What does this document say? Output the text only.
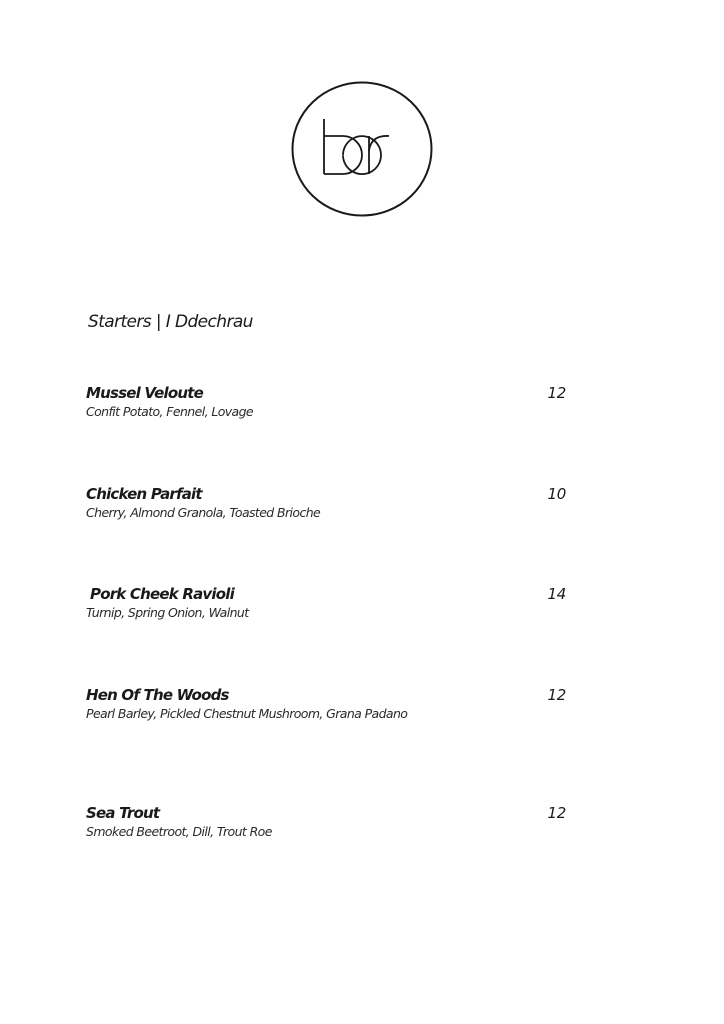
Starters | I Ddechrau
Mussel Veloute	12
Confit Potato, Fennel, Lovage
Chicken Parfait	10
Cherry, Almond Granola, Toasted Brioche
Pork Cheek Ravioli	14
Turnip, Spring Onion, Walnut
Hen Of The Woods	12
Pearl Barley, Pickled Chestnut Mushroom, Grana Padano
Sea Trout	12
Smoked Beetroot, Dill, Trout Roe
